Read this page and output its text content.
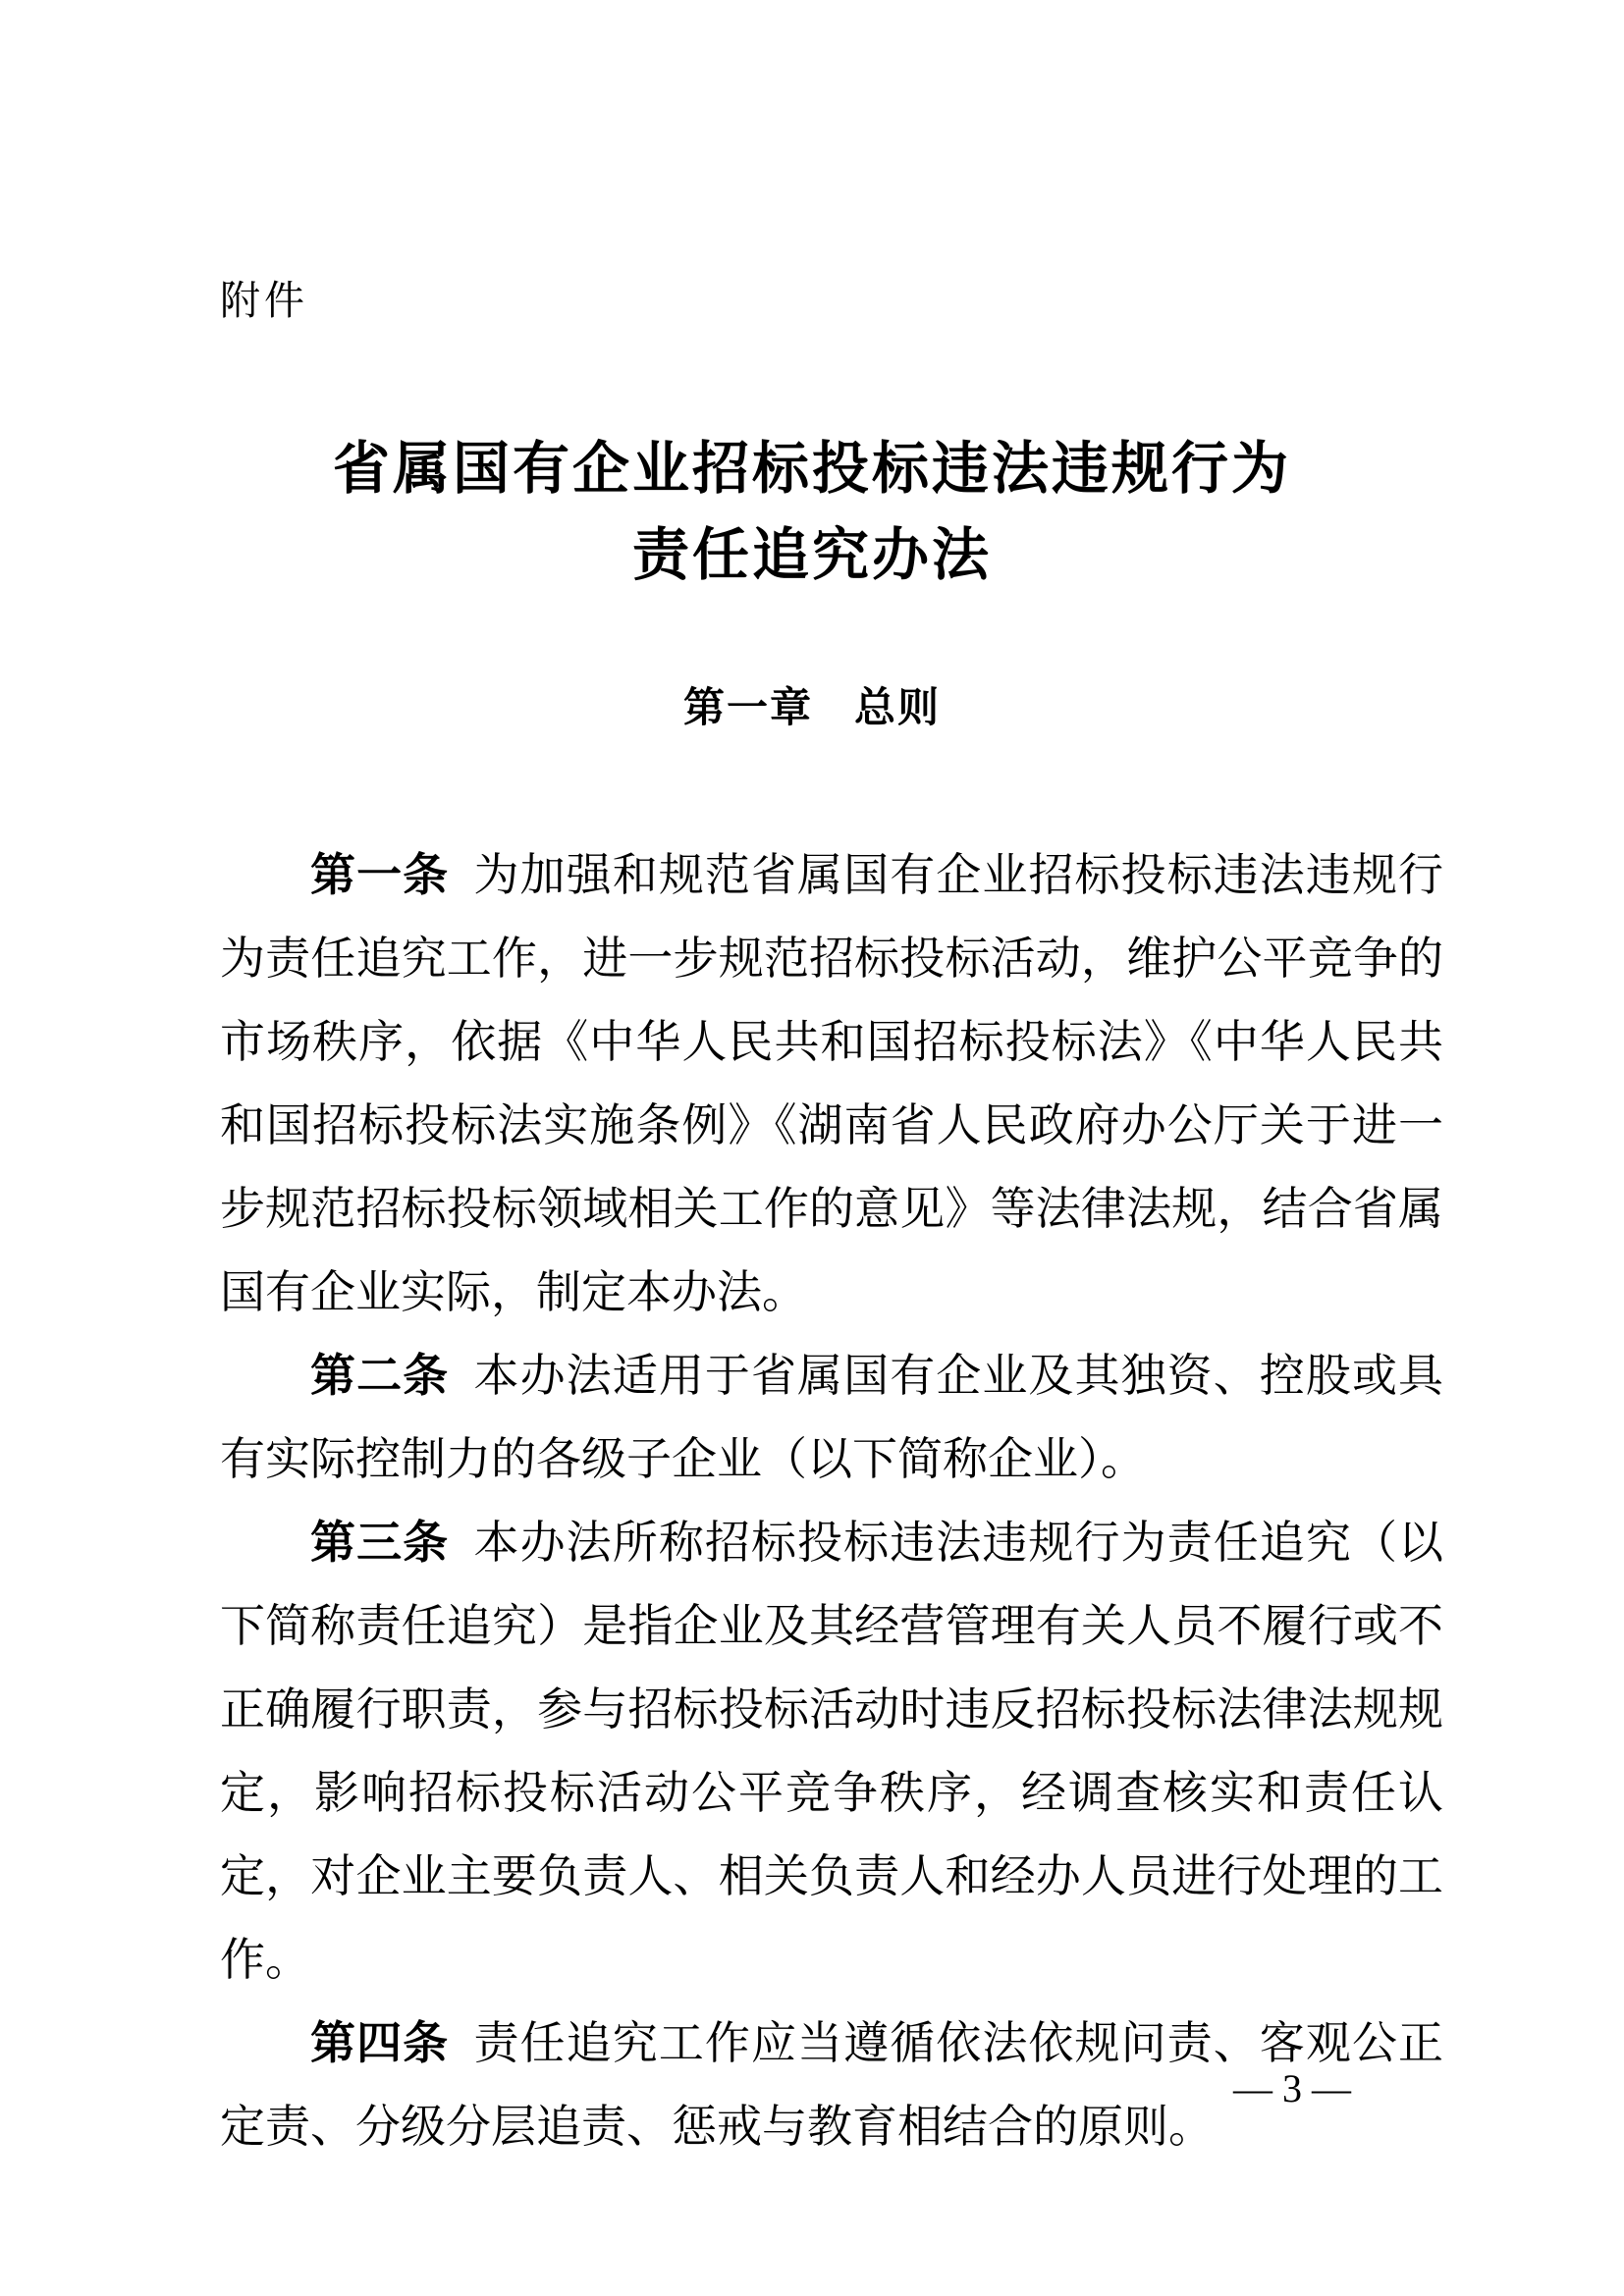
附件
省属国有企业招标投标违法违规行为
责任追究办法
第一章 总则

第一条 为加强和规范省属国有企业招标投标违法违规行为责任追究工作，进一步规范招标投标活动，维护公平竞争的市场秩序，依据《中华人民共和国招标投标法》《中华人民共和国招标投标法实施条例》《湖南省人民政府办公厅关于进一步规范招标投标领域相关工作的意见》等法律法规，结合省属国有企业实际，制定本办法。

第二条 本办法适用于省属国有企业及其独资、控股或具有实际控制力的各级子企业（以下简称企业）。

第三条 本办法所称招标投标违法违规行为责任追究（以下简称责任追究）是指企业及其经营管理有关人员不履行或不正确履行职责，参与招标投标活动时违反招标投标法律法规规定，影响招标投标活动公平竞争秩序，经调查核实和责任认定，对企业主要负责人、相关负责人和经办人员进行处理的工作。

第四条 责任追究工作应当遵循依法依规问责、客观公正定责、分级分层追责、惩戒与教育相结合的原则。

— 3 —
